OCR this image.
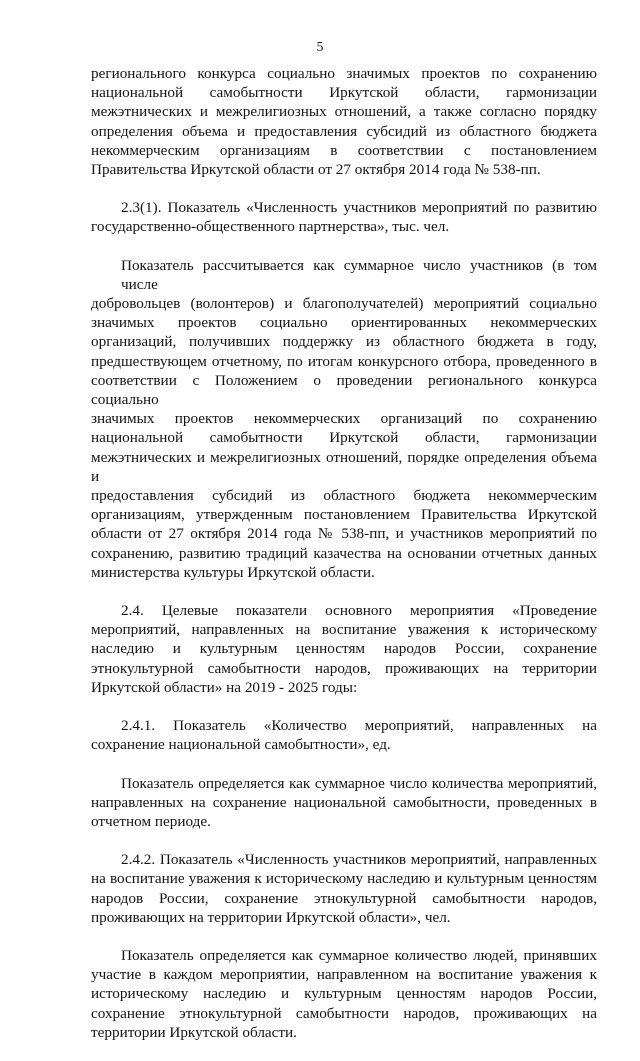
5
регионального конкурса социально значимых проектов по сохранению
национальной самобытности Иркутской области, гармонизации
межэтнических и межрелигиозных отношений, а также согласно порядку
определения объема и предоставления субсидий из областного бюджета
некоммерческим организациям в соответствии с постановлением
Правительства Иркутской области от 27 октября 2014 года № 538-пп.
2.3(1). Показатель «Численность участников мероприятий по развитию
государственно-общественного партнерства», тыс. чел.
Показатель рассчитывается как суммарное число участников (в том числе
добровольцев (волонтеров) и благополучателей) мероприятий социально
значимых проектов социально ориентированных некоммерческих
организаций, получивших поддержку из областного бюджета в году,
предшествующем отчетному, по итогам конкурсного отбора, проведенного в
соответствии с Положением о проведении регионального конкурса социально
значимых проектов некоммерческих организаций по сохранению
национальной самобытности Иркутской области, гармонизации
межэтнических и межрелигиозных отношений, порядке определения объема и
предоставления субсидий из областного бюджета некоммерческим
организациям, утвержденным постановлением Правительства Иркутской
области от 27 октября 2014 года № 538-пп, и участников мероприятий по
сохранению, развитию традиций казачества на основании отчетных данных
министерства культуры Иркутской области.
2.4. Целевые показатели основного мероприятия «Проведение
мероприятий, направленных на воспитание уважения к историческому
наследию и культурным ценностям народов России, сохранение
этнокультурной самобытности народов, проживающих на территории
Иркутской области» на 2019 - 2025 годы:
2.4.1. Показатель «Количество мероприятий, направленных на
сохранение национальной самобытности», ед.
Показатель определяется как суммарное число количества мероприятий,
направленных на сохранение национальной самобытности, проведенных в
отчетном периоде.
2.4.2. Показатель «Численность участников мероприятий, направленных
на воспитание уважения к историческому наследию и культурным ценностям
народов России, сохранение этнокультурной самобытности народов,
проживающих на территории Иркутской области», чел.
Показатель определяется как суммарное количество людей, принявших
участие в каждом мероприятии, направленном на воспитание уважения к
историческому наследию и культурным ценностям народов России,
сохранение этнокультурной самобытности народов, проживающих на
территории Иркутской области.
